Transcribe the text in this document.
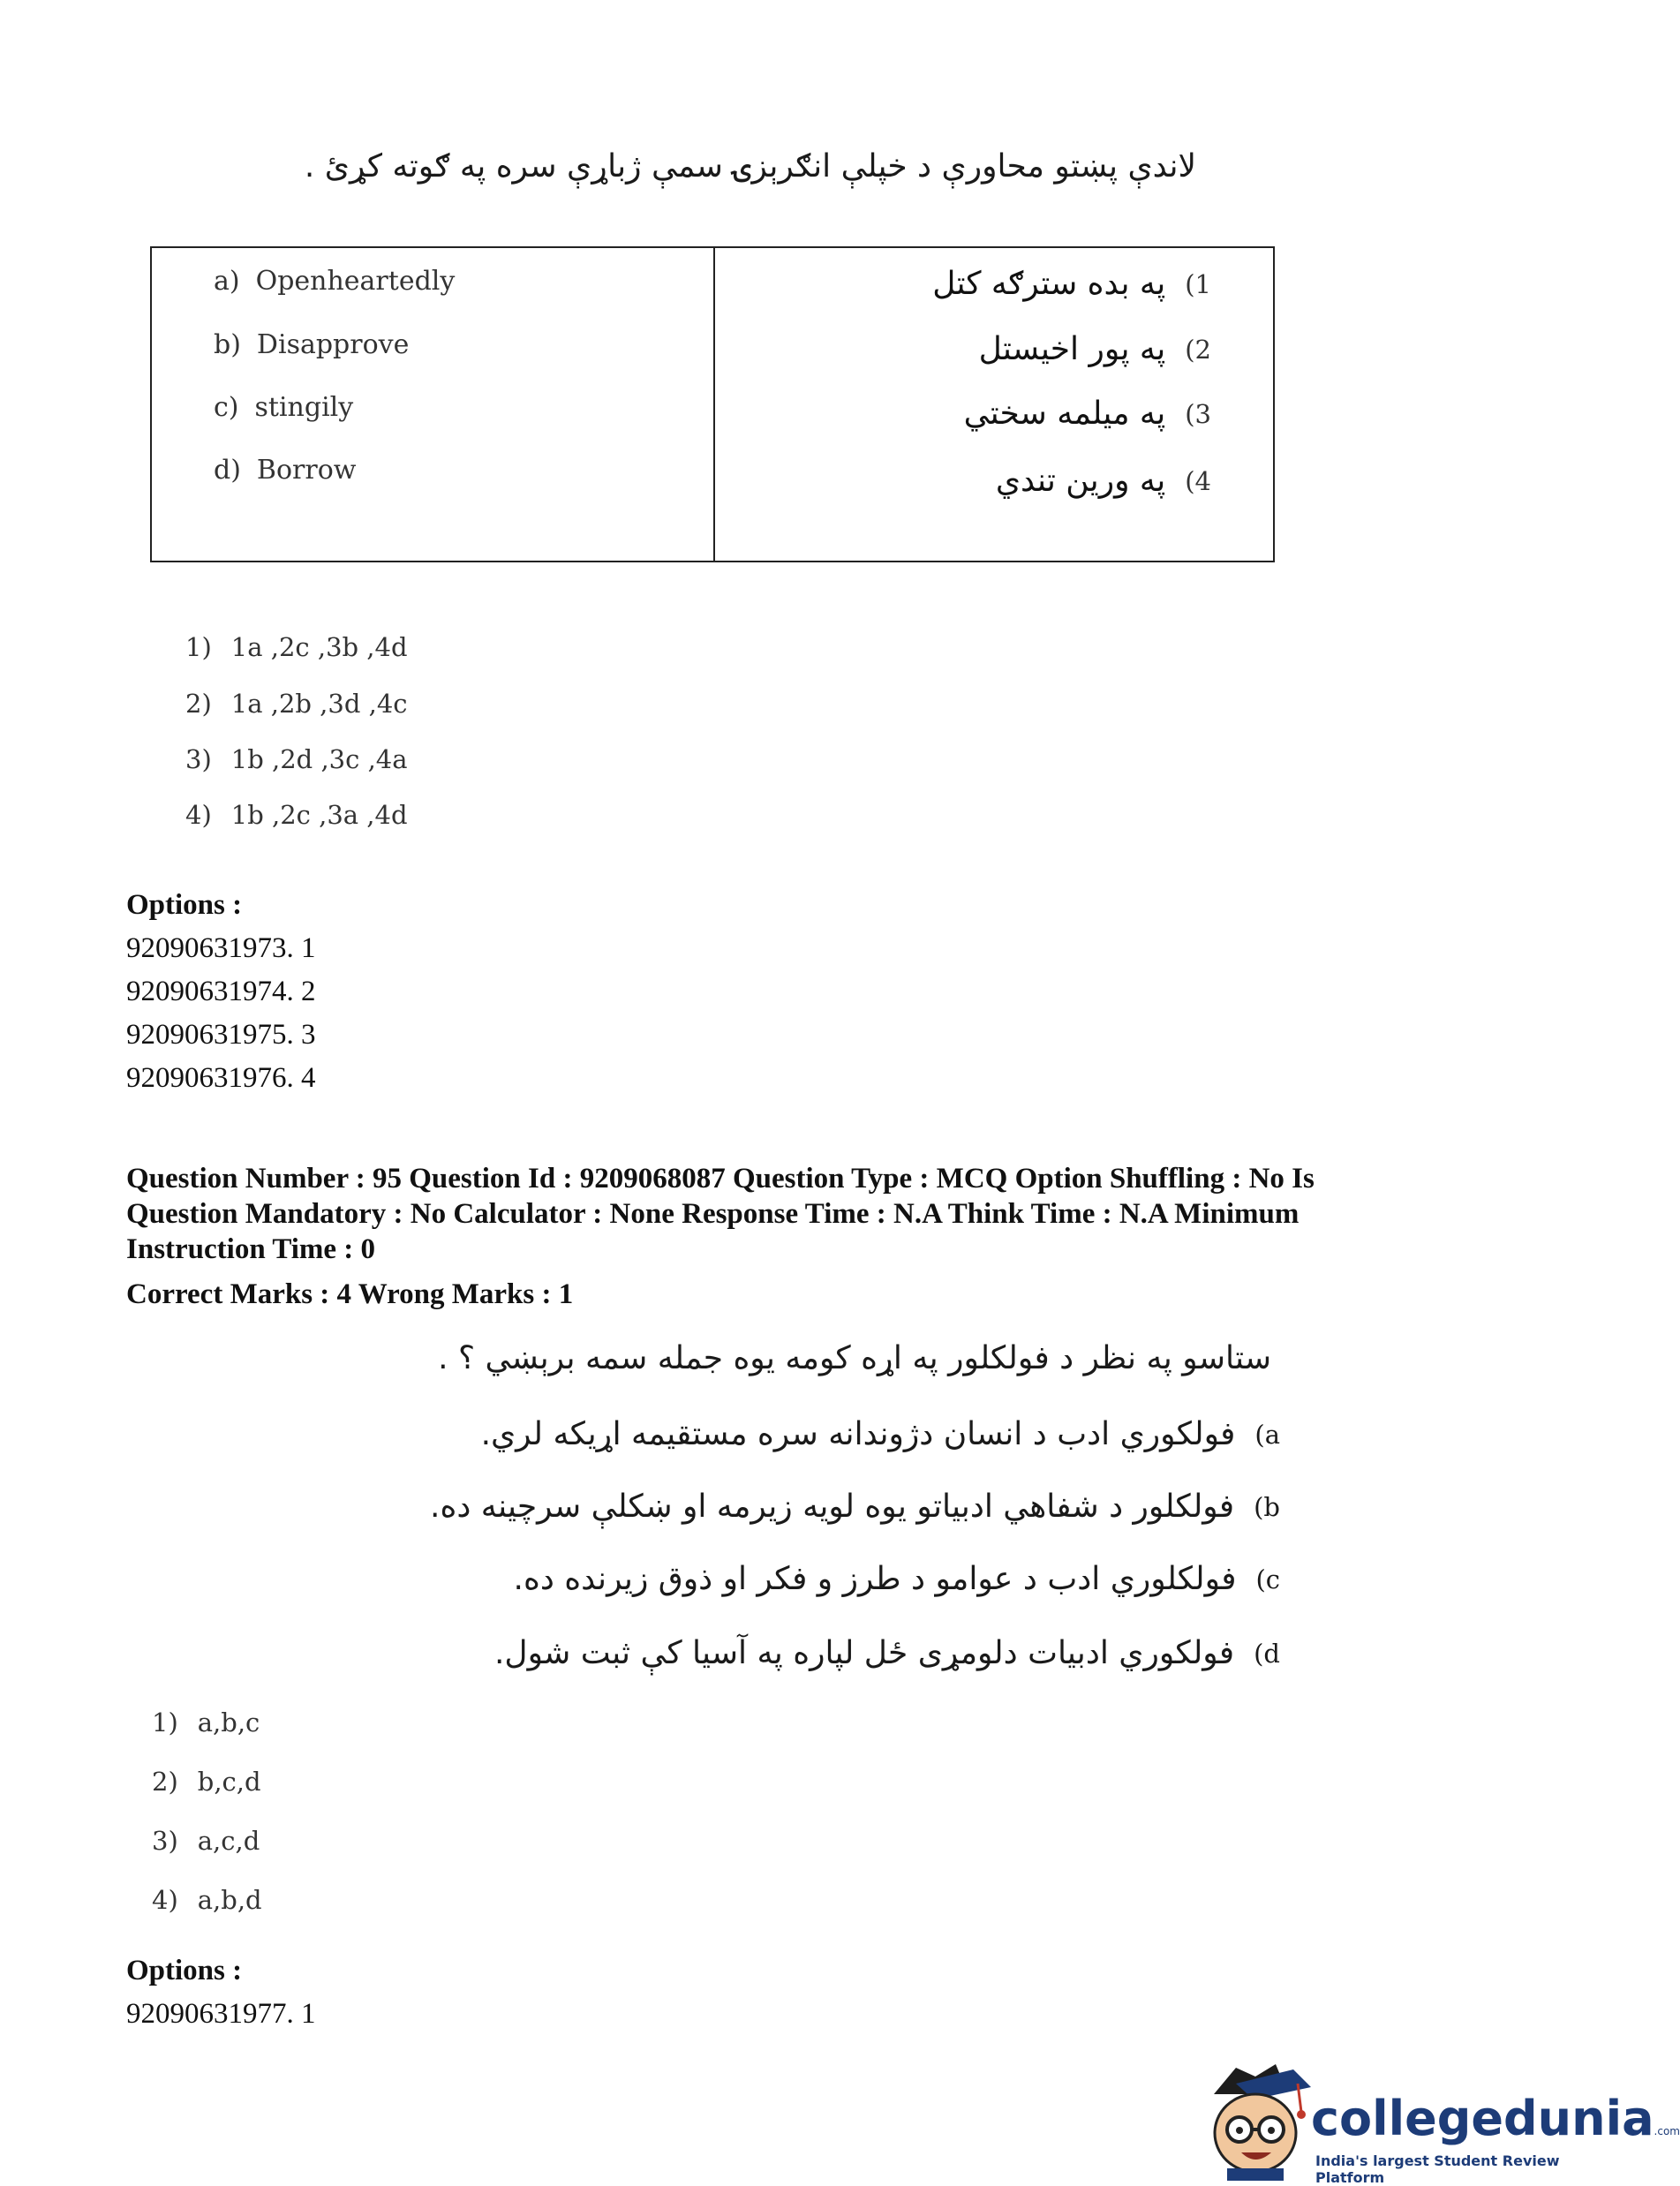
لاندې پښتو محاورې د خپلې انګرېزۍ سمې ژباړې سره په ګوته کړئ .
a) Openheartedly
b) Disapprove
c) stingily
d) Borrow
په بده سترګه کتل (1
په پور اخیستل (2
په میلمه سختي (3
په ورین تندي (4
1) 1a ,2c ,3b ,4d
2) 1a ,2b ,3d ,4c
3) 1b ,2d ,3c ,4a
4) 1b ,2c ,3a ,4d
Options :
92090631973. 1
92090631974. 2
92090631975. 3
92090631976. 4
Question Number : 95 Question Id : 9209068087 Question Type : MCQ Option Shuffling : No Is
Question Mandatory : No Calculator : None Response Time : N.A Think Time : N.A Minimum
Instruction Time : 0
Correct Marks : 4 Wrong Marks : 1
ستاسو په نظر د فولکلور په اړه کومه یوه جمله سمه برېښي ؟ .
(a
فولکوري ادب د انسان دژوندانه سره مستقیمه اړیکه لري.
(b
فولکلور د شفاهي ادبیاتو یوه لویه زیرمه او ښکلې سرچینه ده.
(c
فولکلوري ادب د عوامو د طرز و فکر او ذوق زیرنده ده.
(d
فولکوري ادبیات دلومړی ځل لپاره په آسیا کې ثبت شول.
1) a,b,c
2) b,c,d
3) a,c,d
4) a,b,d
Options :
92090631977. 1
collegedunia.com
India's largest Student Review Platform
